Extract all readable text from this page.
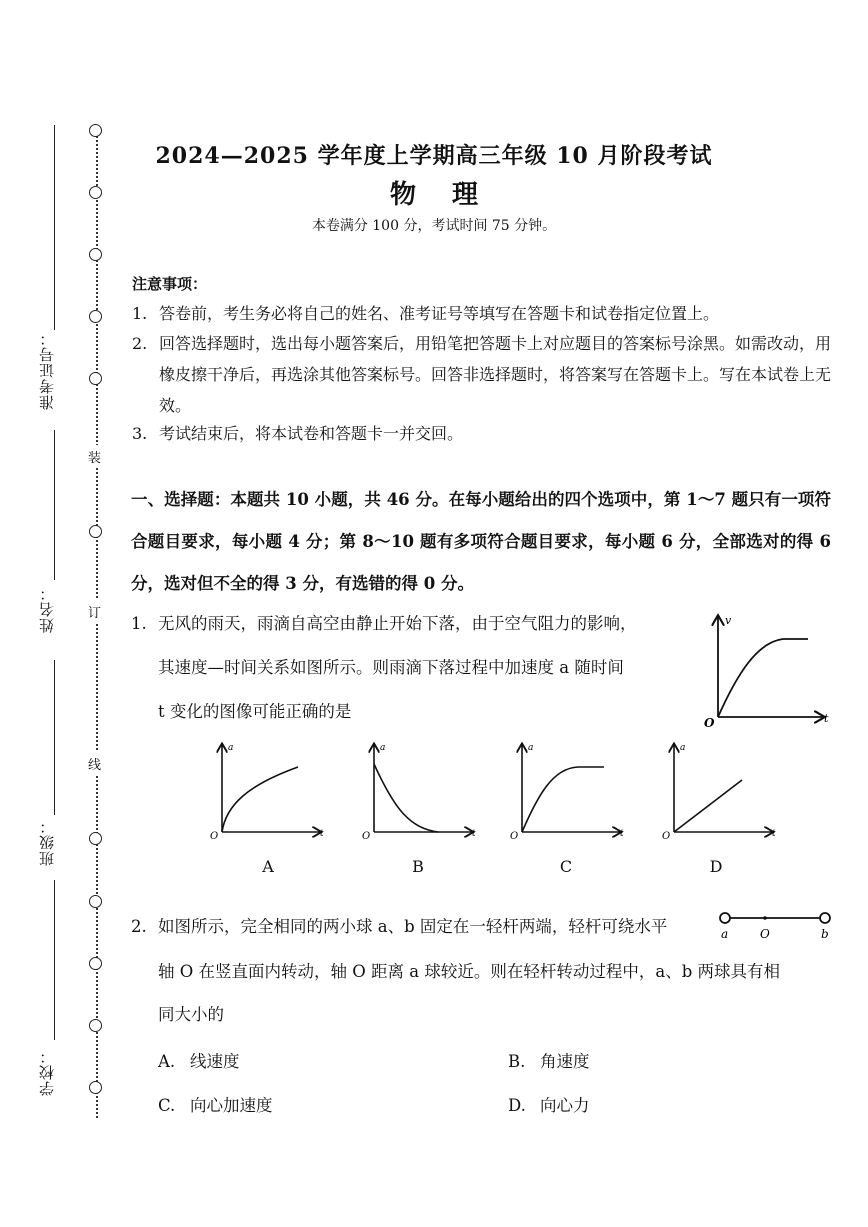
装
订
线
准考证号：
姓名：
班级：
学校：
2024—2025 学年度上学期高三年级 10 月阶段考试
物理
本卷满分 100 分，考试时间 75 分钟。
注意事项：
1. 答卷前，考生务必将自己的姓名、准考证号等填写在答题卡和试卷指定位置上。
2. 回答选择题时，选出每小题答案后，用铅笔把答题卡上对应题目的答案标号涂黑。如需改动，用橡皮擦干净后，再选涂其他答案标号。回答非选择题时，将答案写在答题卡上。写在本试卷上无效。
3. 考试结束后，将本试卷和答题卡一并交回。
一、选择题：本题共 10 小题，共 46 分。在每小题给出的四个选项中，第 1～7 题只有一项符合题目要求，每小题 4 分；第 8～10 题有多项符合题目要求，每小题 6 分，全部选对的得 6 分，选对但不全的得 3 分，有选错的得 0 分。
1. 无风的雨天，雨滴自高空由静止开始下落，由于空气阻力的影响，
其速度—时间关系如图所示。则雨滴下落过程中加速度 a 随时间
t 变化的图像可能正确的是
v
t
O
a
t
O
a
t
O
a
t
O
a
t
O
A	B	C	D
2. 如图所示，完全相同的两小球 a、b 固定在一轻杆两端，轻杆可绕水平
轴 O 在竖直面内转动，轴 O 距离 a 球较近。则在轻杆转动过程中，a、b 两球具有相
同大小的
a	O	b
A. 线速度	B. 角速度
C. 向心加速度	D. 向心力
